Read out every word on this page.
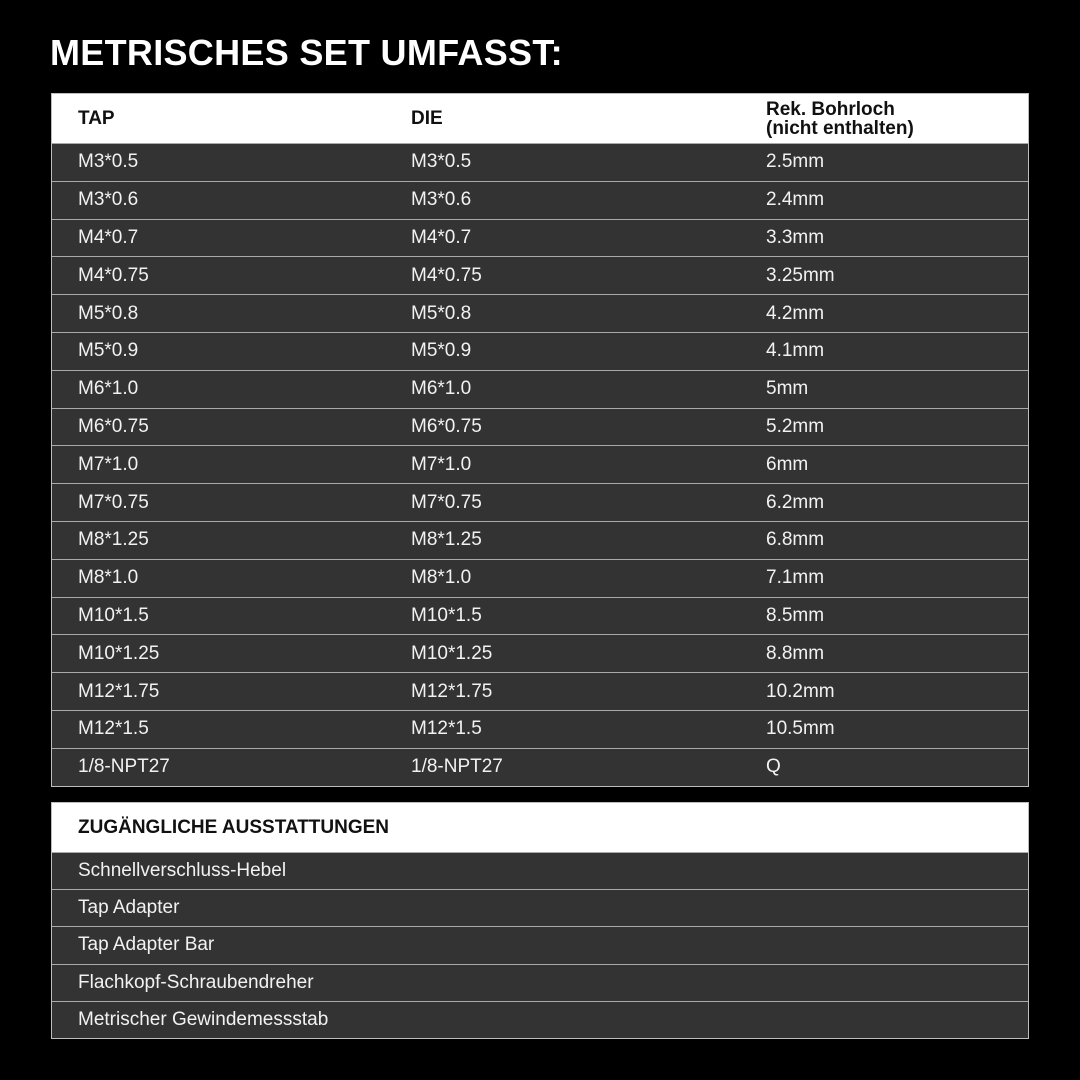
METRISCHES SET UMFASST:
TAP	DIE	Rek. Bohrloch
(nicht enthalten)
M3*0.5	M3*0.5	2.5mm
M3*0.6	M3*0.6	2.4mm
M4*0.7	M4*0.7	3.3mm
M4*0.75	M4*0.75	3.25mm
M5*0.8	M5*0.8	4.2mm
M5*0.9	M5*0.9	4.1mm
M6*1.0	M6*1.0	5mm
M6*0.75	M6*0.75	5.2mm
M7*1.0	M7*1.0	6mm
M7*0.75	M7*0.75	6.2mm
M8*1.25	M8*1.25	6.8mm
M8*1.0	M8*1.0	7.1mm
M10*1.5	M10*1.5	8.5mm
M10*1.25	M10*1.25	8.8mm
M12*1.75	M12*1.75	10.2mm
M12*1.5	M12*1.5	10.5mm
1/8-NPT27	1/8-NPT27	Q
ZUGÄNGLICHE AUSSTATTUNGEN
Schnellverschluss-Hebel
Tap Adapter
Tap Adapter Bar
Flachkopf-Schraubendreher
Metrischer Gewindemessstab
